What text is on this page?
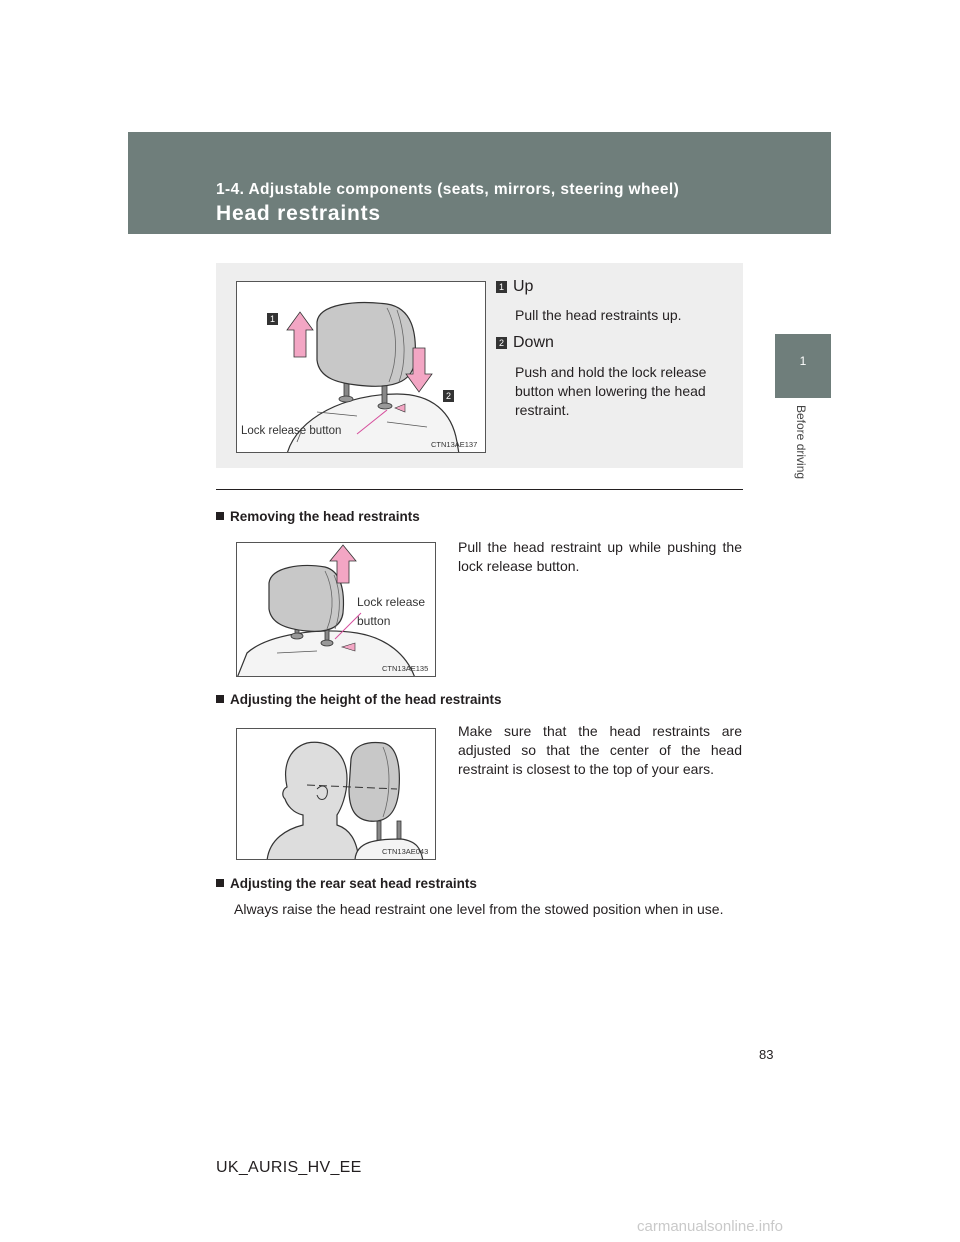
1-4. Adjustable components (seats, mirrors, steering wheel)
Head restraints
1
Before driving
Lock release button
1
2
CTN13AE137
1 Up
Pull the head restraints up.
2 Down
Push and hold the lock release button when lowering the head restraint.
Removing the head restraints
Lock release
button
CTN13AE135
Pull the head restraint up while pushing the lock release button.
Adjusting the height of the head restraints
CTN13AE043
Make sure that the head restraints are adjusted so that the center of the head restraint is closest to the top of your ears.
Adjusting the rear seat head restraints
Always raise the head restraint one level from the stowed position when in use.
83
UK_AURIS_HV_EE
carmanualsonline.info
